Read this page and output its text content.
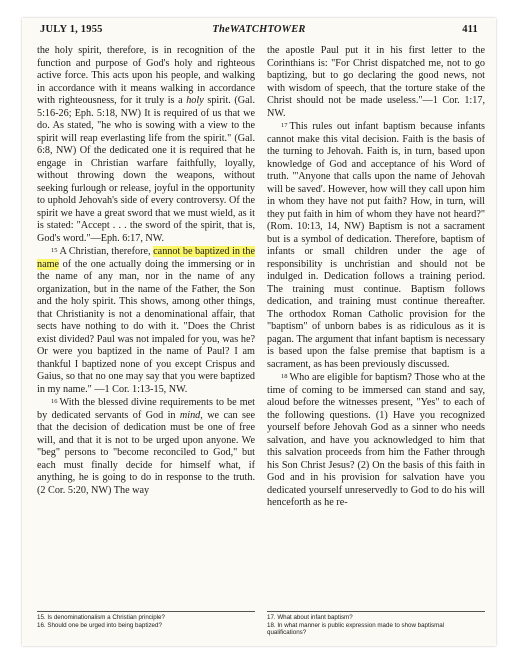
JULY 1, 1955	TheWATCHTOWER	411

the holy spirit, therefore, is in recognition of the function and purpose of God's holy and righteous active force. This acts upon his people, and walking in accordance with it means walking in accordance with righteousness, for it truly is a holy spirit. (Gal. 5:16-26; Eph. 5:18, NW) It is required of us that we do. As stated, "he who is sowing with a view to the spirit will reap everlasting life from the spirit." (Gal. 6:8, NW) Of the dedicated one it is required that he engage in Christian warfare faithfully, loyally, without throwing down the weapons, without seeking furlough or release, joyful in the opportunity to uphold Jehovah's side of every controversy. Of the spirit we have a great sword that we must wield, as it is stated: "Accept . . . the sword of the spirit, that is, God's word."—Eph. 6:17, NW.

15 A Christian, therefore, cannot be baptized in the name of the one actually doing the immersing or in the name of any man, nor in the name of any organization, but in the name of the Father, the Son and the holy spirit. This shows, among other things, that Christianity is not a denominational affair, that sects have nothing to do with it. "Does the Christ exist divided? Paul was not impaled for you, was he? Or were you baptized in the name of Paul? I am thankful I baptized none of you except Crispus and Gaius, so that no one may say that you were baptized in my name." —1 Cor. 1:13-15, NW.

16 With the blessed divine requirements to be met by dedicated servants of God in mind, we can see that the decision of dedication must be one of free will, and that it is not to be urged upon anyone. We "beg" persons to "become reconciled to God," but each must finally decide for himself what, if anything, he is going to do in response to the truth. (2 Cor. 5:20, NW) The way

the apostle Paul put it in his first letter to the Corinthians is: "For Christ dispatched me, not to go baptizing, but to go declaring the good news, not with wisdom of speech, that the torture stake of the Christ should not be made useless."—1 Cor. 1:17, NW.

17 This rules out infant baptism because infants cannot make this vital decision. Faith is the basis of the turning to Jehovah. Faith is, in turn, based upon knowledge of God and acceptance of his Word of truth. "'Anyone that calls upon the name of Jehovah will be saved'. However, how will they call upon him in whom they have not put faith? How, in turn, will they put faith in him of whom they have not heard?" (Rom. 10:13, 14, NW) Baptism is not a sacrament but is a symbol of dedication. Therefore, baptism of infants or small children under the age of responsibility is unchristian and should not be indulged in. Dedication follows a training period. The training must continue. Baptism follows dedication, and training must continue thereafter. The orthodox Roman Catholic provision for the "baptism" of unborn babes is as ridiculous as it is pagan. The argument that infant baptism is necessary is based upon the false premise that baptism is a sacrament, as has been previously discussed.

18 Who are eligible for baptism? Those who at the time of coming to be immersed can stand and say, aloud before the witnesses present, "Yes" to each of the following questions. (1) Have you recognized yourself before Jehovah God as a sinner who needs salvation, and have you acknowledged to him that this salvation proceeds from him the Father through his Son Christ Jesus? (2) On the basis of this faith in God and in his provision for salvation have you dedicated yourself unreservedly to God to do his will henceforth as he re-

15. Is denominationalism a Christian principle?
16. Should one be urged into being baptized?
17. What about infant baptism?
18. In what manner is public expression made to show baptismal qualifications?
